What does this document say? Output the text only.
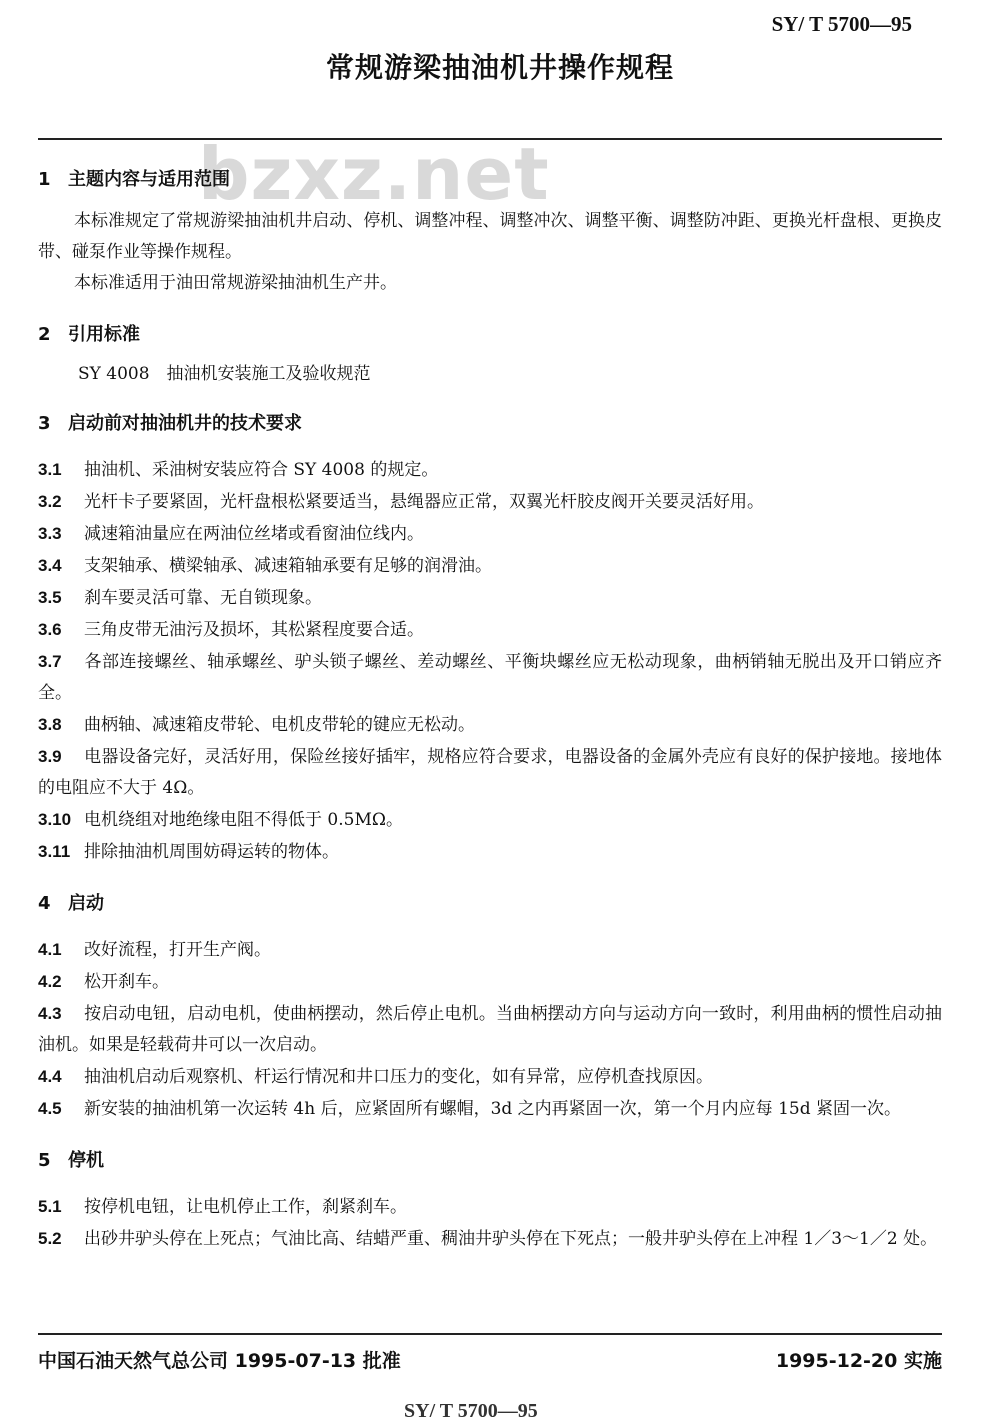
SY/ T 5700—95
常规游梁抽油机井操作规程
bzxz.net
1 主题内容与适用范围

本标准规定了常规游梁抽油机井启动、停机、调整冲程、调整冲次、调整平衡、调整防冲距、更换光杆盘根、更换皮带、碰泵作业等操作规程。

本标准适用于油田常规游梁抽油机生产井。

2 引用标准

SY 4008　抽油机安装施工及验收规范

3 启动前对抽油机井的技术要求

3.1 抽油机、采油树安装应符合 SY 4008 的规定。

3.2 光杆卡子要紧固，光杆盘根松紧要适当，悬绳器应正常，双翼光杆胶皮阀开关要灵活好用。

3.3 减速箱油量应在两油位丝堵或看窗油位线内。

3.4 支架轴承、横梁轴承、减速箱轴承要有足够的润滑油。

3.5 刹车要灵活可靠、无自锁现象。

3.6 三角皮带无油污及损坏，其松紧程度要合适。

3.7 各部连接螺丝、轴承螺丝、驴头锁子螺丝、差动螺丝、平衡块螺丝应无松动现象，曲柄销轴无脱出及开口销应齐全。

3.8 曲柄轴、减速箱皮带轮、电机皮带轮的键应无松动。

3.9 电器设备完好，灵活好用，保险丝接好插牢，规格应符合要求，电器设备的金属外壳应有良好的保护接地。接地体的电阻应不大于 4Ω。

3.10 电机绕组对地绝缘电阻不得低于 0.5MΩ。

3.11 排除抽油机周围妨碍运转的物体。

4 启动

4.1 改好流程，打开生产阀。

4.2 松开刹车。

4.3 按启动电钮，启动电机，使曲柄摆动，然后停止电机。当曲柄摆动方向与运动方向一致时，利用曲柄的惯性启动抽油机。如果是轻载荷井可以一次启动。

4.4 抽油机启动后观察机、杆运行情况和井口压力的变化，如有异常，应停机查找原因。

4.5 新安装的抽油机第一次运转 4h 后，应紧固所有螺帽，3d 之内再紧固一次，第一个月内应每 15d 紧固一次。

5 停机

5.1 按停机电钮，让电机停止工作，刹紧刹车。

5.2 出砂井驴头停在上死点；气油比高、结蜡严重、稠油井驴头停在下死点；一般井驴头停在上冲程 1／3～1／2 处。

中国石油天然气总公司 1995-07-13 批准	1995-12-20 实施
SY/ T 5700—95
